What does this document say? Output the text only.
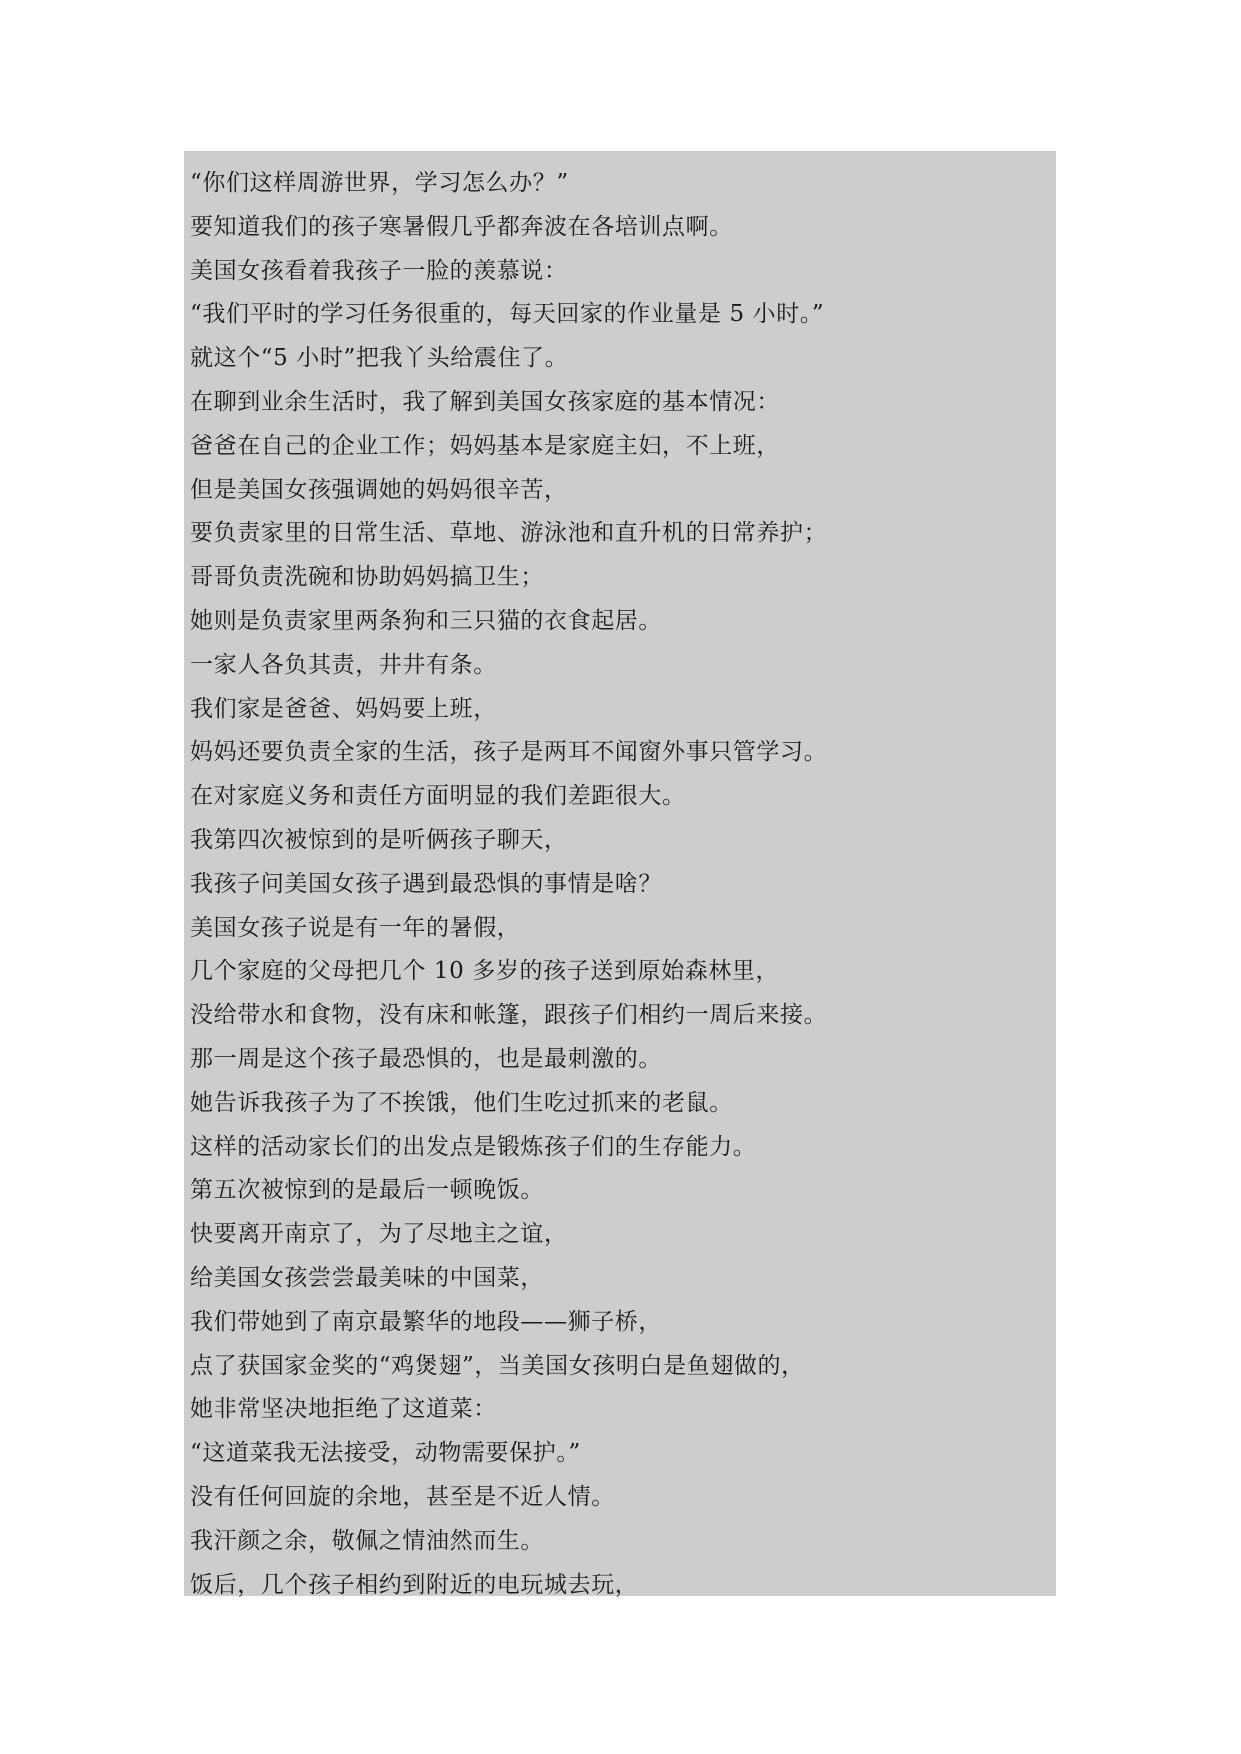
“你们这样周游世界，学习怎么办？”
要知道我们的孩子寒暑假几乎都奔波在各培训点啊。
美国女孩看着我孩子一脸的羡慕说：
“我们平时的学习任务很重的，每天回家的作业量是 5 小时。”
就这个“5 小时”把我丫头给震住了。
在聊到业余生活时，我了解到美国女孩家庭的基本情况：
爸爸在自己的企业工作；妈妈基本是家庭主妇，不上班，
但是美国女孩强调她的妈妈很辛苦，
要负责家里的日常生活、草地、游泳池和直升机的日常养护；
哥哥负责洗碗和协助妈妈搞卫生；
她则是负责家里两条狗和三只猫的衣食起居。
一家人各负其责，井井有条。
我们家是爸爸、妈妈要上班，
妈妈还要负责全家的生活，孩子是两耳不闻窗外事只管学习。
在对家庭义务和责任方面明显的我们差距很大。
我第四次被惊到的是听俩孩子聊天，
我孩子问美国女孩子遇到最恐惧的事情是啥？
美国女孩子说是有一年的暑假，
几个家庭的父母把几个 10 多岁的孩子送到原始森林里，
没给带水和食物，没有床和帐篷，跟孩子们相约一周后来接。
那一周是这个孩子最恐惧的，也是最刺激的。
她告诉我孩子为了不挨饿，他们生吃过抓来的老鼠。
这样的活动家长们的出发点是锻炼孩子们的生存能力。
第五次被惊到的是最后一顿晚饭。
快要离开南京了，为了尽地主之谊，
给美国女孩尝尝最美味的中国菜，
我们带她到了南京最繁华的地段——狮子桥，
点了获国家金奖的“鸡煲翅”，当美国女孩明白是鱼翅做的，
她非常坚决地拒绝了这道菜：
“这道菜我无法接受，动物需要保护。”
没有任何回旋的余地，甚至是不近人情。
我汗颜之余，敬佩之情油然而生。
饭后，几个孩子相约到附近的电玩城去玩，
